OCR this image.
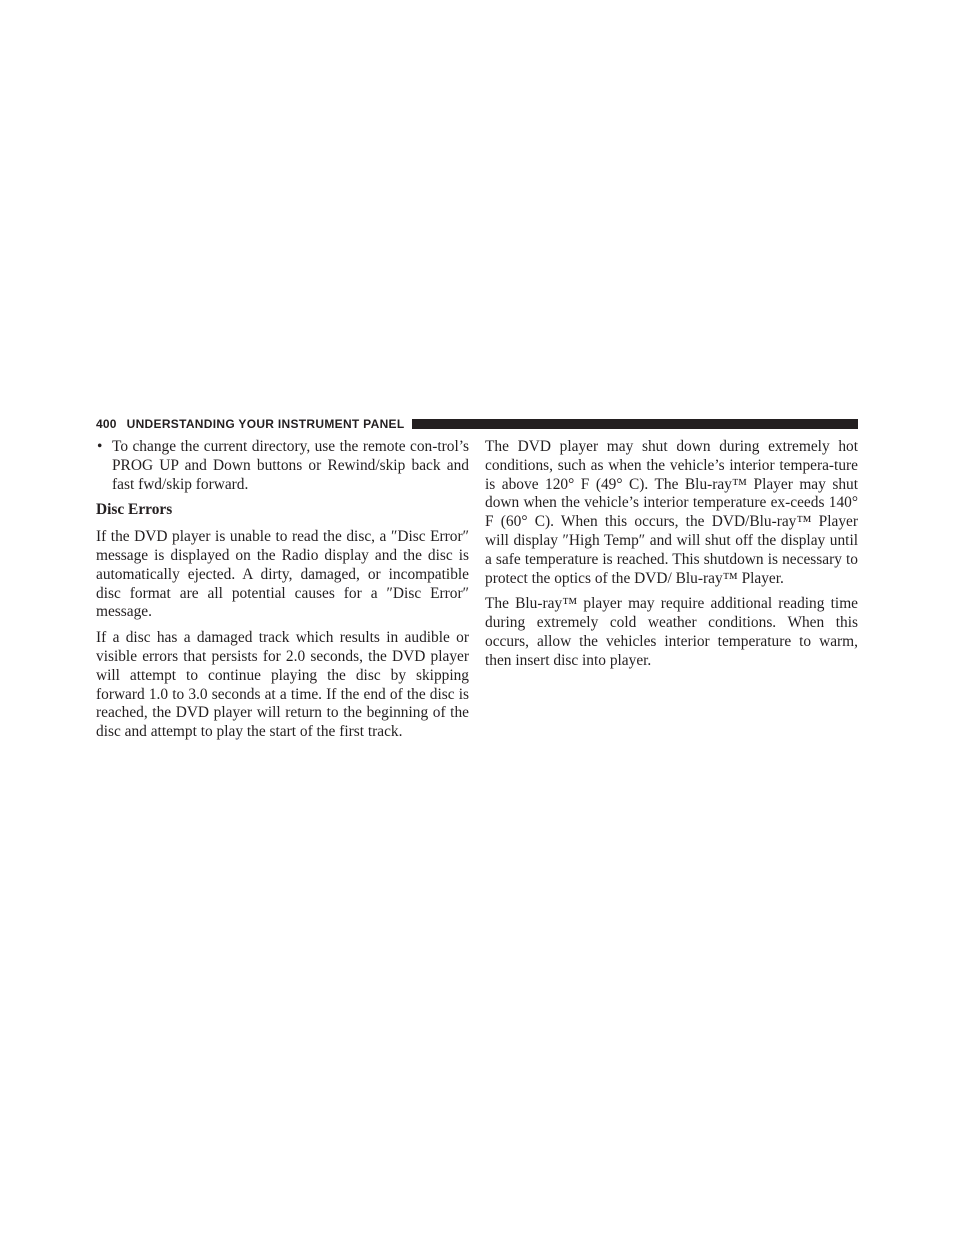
400 UNDERSTANDING YOUR INSTRUMENT PANEL
• To change the current directory, use the remote con-trol’s PROG UP and Down buttons or Rewind/skip back and fast fwd/skip forward.

Disc Errors

If the DVD player is unable to read the disc, a ″Disc Error″ message is displayed on the Radio display and the disc is automatically ejected. A dirty, damaged, or incompatible disc format are all potential causes for a ″Disc Error″ message.

If a disc has a damaged track which results in audible or visible errors that persists for 2.0 seconds, the DVD player will attempt to continue playing the disc by skipping forward 1.0 to 3.0 seconds at a time. If the end of the disc is reached, the DVD player will return to the beginning of the disc and attempt to play the start of the first track.

The DVD player may shut down during extremely hot conditions, such as when the vehicle’s interior tempera-ture is above 120° F (49° C). The Blu-ray™ Player may shut down when the vehicle’s interior temperature ex-ceeds 140° F (60° C). When this occurs, the DVD/Blu-ray™ Player will display ″High Temp″ and will shut off the display until a safe temperature is reached. This shutdown is necessary to protect the optics of the DVD/ Blu-ray™ Player.

The Blu-ray™ player may require additional reading time during extremely cold weather conditions. When this occurs, allow the vehicles interior temperature to warm, then insert disc into player.
